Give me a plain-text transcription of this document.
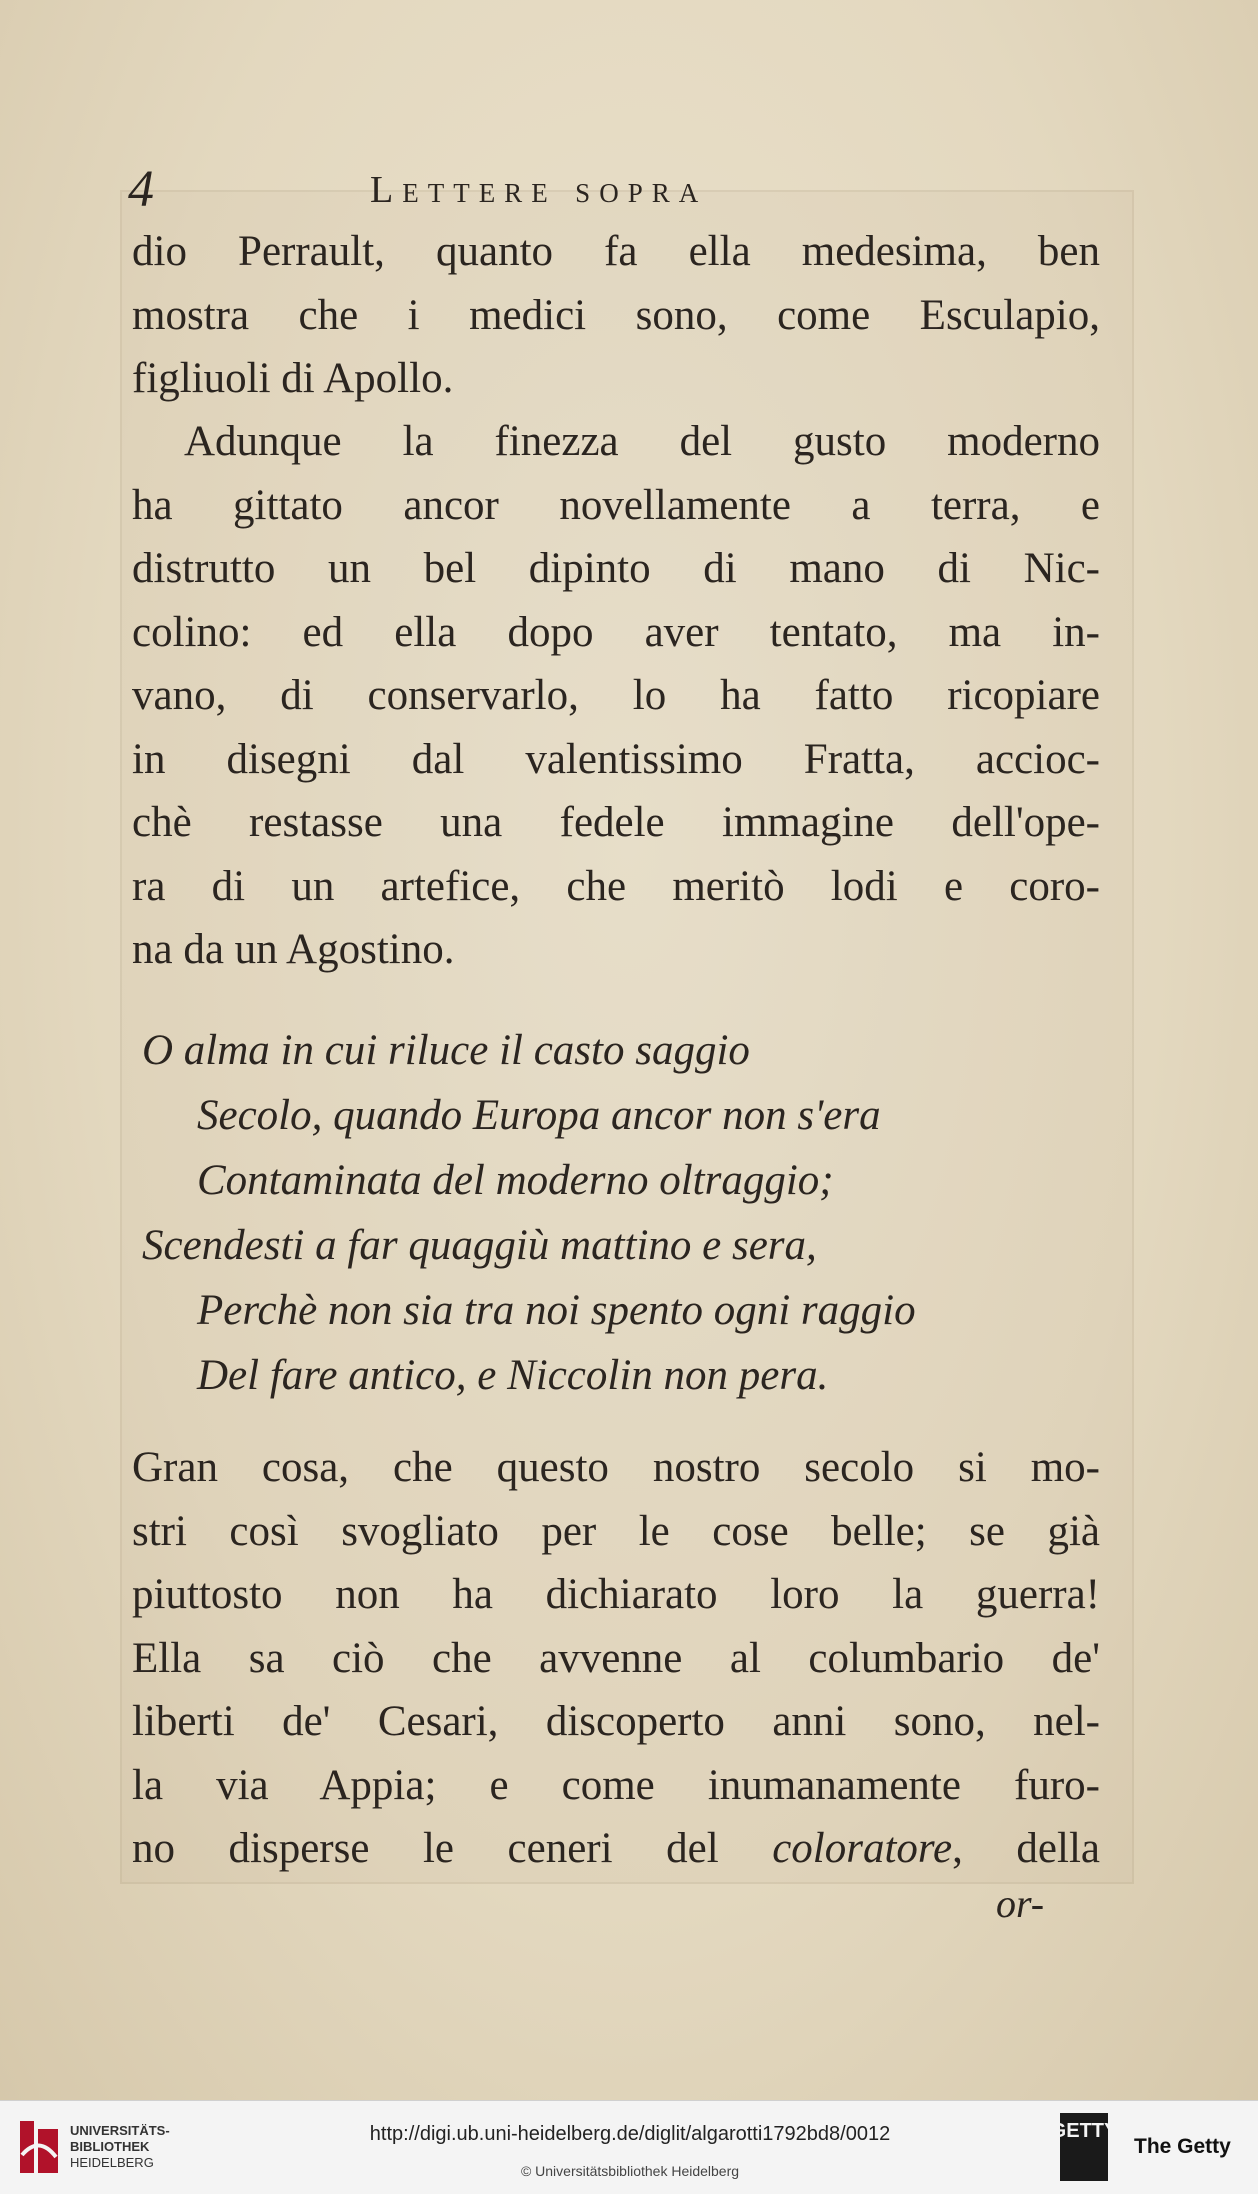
4	Lettere sopra
dio Perrault, quanto fa ella medesima, ben
mostra che i medici sono, come Esculapio,
figliuoli di Apollo.
Adunque la finezza del gusto moderno
ha gittato ancor novellamente a terra, e
distrutto un bel dipinto di mano di Nic-
colino: ed ella dopo aver tentato, ma in-
vano, di conservarlo, lo ha fatto ricopiare
in disegni dal valentissimo Fratta, accioc-
chè restasse una fedele immagine dell'ope-
ra di un artefice, che meritò lodi e coro-
na da un Agostino.
O alma in cui riluce il casto saggio
Secolo, quando Europa ancor non s'era
Contaminata del moderno oltraggio;
Scendesti a far quaggiù mattino e sera,
Perchè non sia tra noi spento ogni raggio
Del fare antico, e Niccolin non pera.
Gran cosa, che questo nostro secolo si mo-
stri così svogliato per le cose belle; se già
piuttosto non ha dichiarato loro la guerra!
Ella sa ciò che avvenne al columbario de'
liberti de' Cesari, discoperto anni sono, nel-
la via Appia; e come inumanamente furo-
no disperse le ceneri del coloratore, della
or-
UNIVERSITÄTS-
BIBLIOTHEK
HEIDELBERG
http://digi.ub.uni-heidelberg.de/diglit/algarotti1792bd8/0012
© Universitätsbibliothek Heidelberg
GETTY
The Getty
